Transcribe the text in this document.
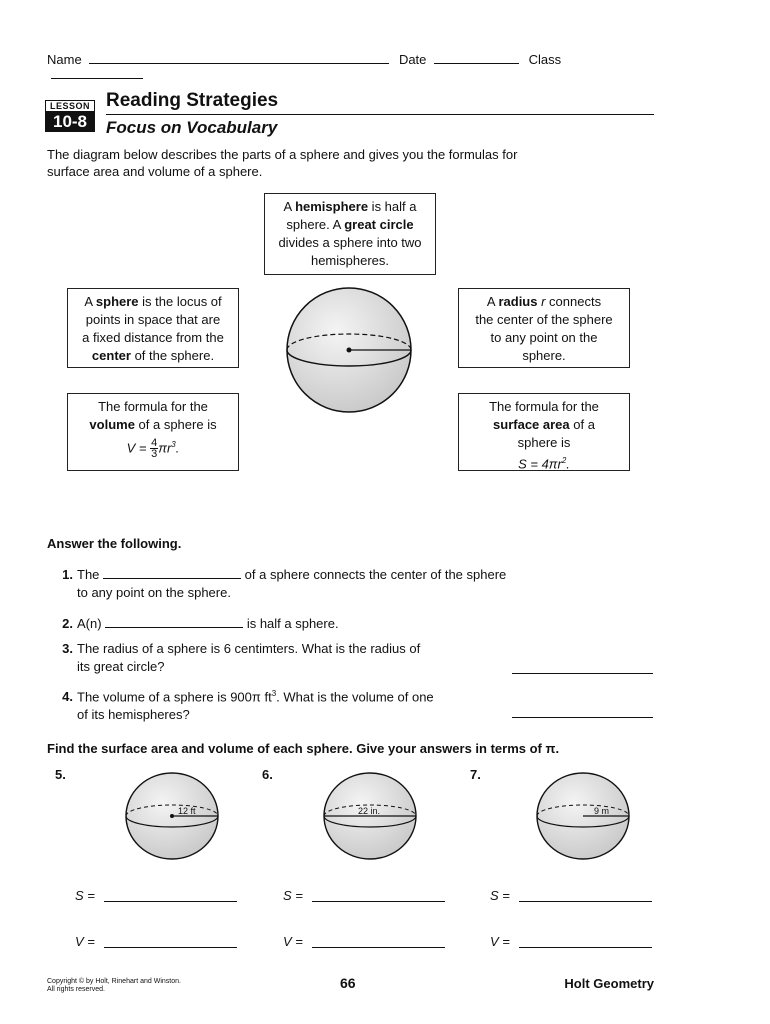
Name	Date	Class
LESSON
10-8
Reading Strategies
Focus on Vocabulary
The diagram below describes the parts of a sphere and gives you the formulas for
surface area and volume of a sphere.
A hemisphere is half a
sphere. A great circle
divides a sphere into two
hemispheres.
A sphere is the locus of
points in space that are
a fixed distance from the
center of the sphere.
A radius r connects
the center of the sphere
to any point on the
sphere.
The formula for the
volume of a sphere is
$V = \frac{4}{3} \pi r^3$.
The formula for the
surface area of a
sphere is
$S = 4\pi r^2$.
Answer the following.
1. The	of a sphere connects the center of the sphere
to any point on the sphere.
2. A(n)	is half a sphere.
3. The radius of a sphere is 6 centimters. What is the radius of
its great circle?
4. The volume of a sphere is 900π $ft^3$. What is the volume of one
of its hemispheres?
Find the surface area and volume of each sphere. Give your answers in terms of π.
5.
12 ft
6.
22 in.
7.
9 m
S =	S =	S =
V =	V =	V =
Copyright © by Holt, Rinehart and Winston.
All rights reserved.	66	Holt Geometry
